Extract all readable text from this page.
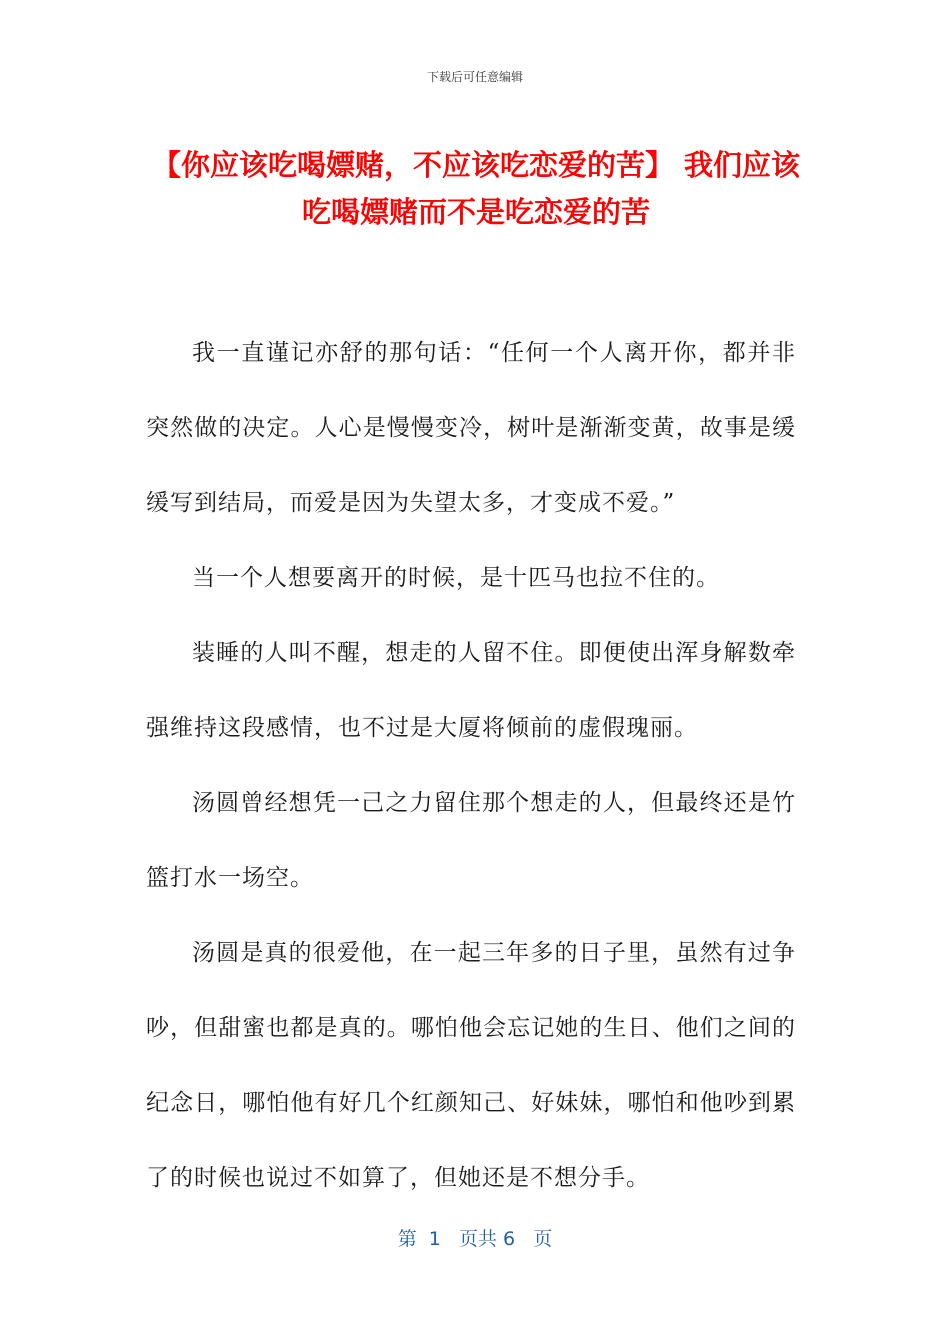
下载后可任意编辑
【你应该吃喝嫖赌，不应该吃恋爱的苦】 我们应该吃喝嫖赌而不是吃恋爱的苦

我一直谨记亦舒的那句话：“任何一个人离开你，都并非突然做的决定。人心是慢慢变冷，树叶是渐渐变黄，故事是缓缓写到结局，而爱是因为失望太多，才变成不爱。”

当一个人想要离开的时候，是十匹马也拉不住的。

装睡的人叫不醒，想走的人留不住。即便使出浑身解数牵强维持这段感情，也不过是大厦将倾前的虚假瑰丽。

汤圆曾经想凭一己之力留住那个想走的人，但最终还是竹篮打水一场空。

汤圆是真的很爱他，在一起三年多的日子里，虽然有过争吵，但甜蜜也都是真的。哪怕他会忘记她的生日、他们之间的纪念日，哪怕他有好几个红颜知己、好妹妹，哪怕和他吵到累了的时候也说过不如算了，但她还是不想分手。

第  1   页共 6   页
